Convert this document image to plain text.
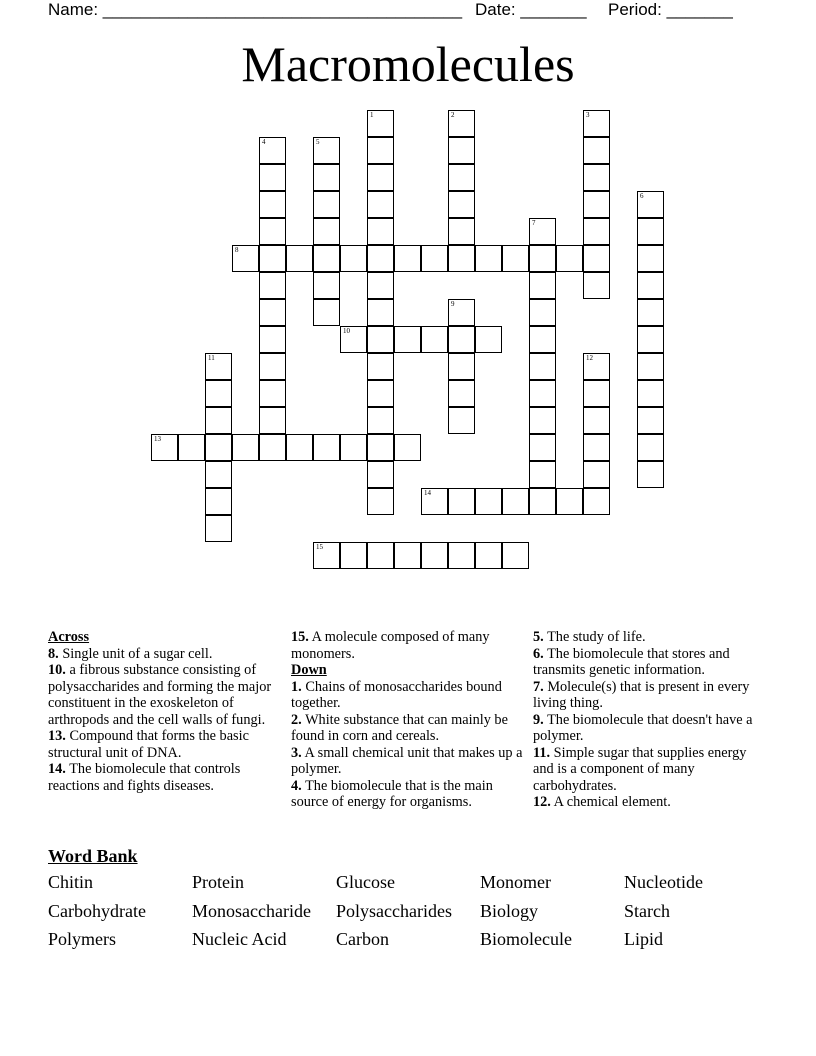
Name: ______________________________________ Date: _______ Period: _______
Macromolecules
1	2	3
4	5
6
7
8
9
10
11	12
13
14
15

Across

8. Single unit of a sugar cell.

10. a fibrous substance consisting of polysaccharides and forming the major constituent in the exoskeleton of arthropods and the cell walls of fungi.

13. Compound that forms the basic structural unit of DNA.

14. The biomolecule that controls reactions and fights diseases.

15. A molecule composed of many monomers.

Down

1. Chains of monosaccharides bound together.

2. White substance that can mainly be found in corn and cereals.

3. A small chemical unit that makes up a polymer.

4. The biomolecule that is the main source of energy for organisms.

5. The study of life.

6. The biomolecule that stores and transmits genetic information.

7. Molecule(s) that is present in every living thing.

9. The biomolecule that doesn't have a polymer.

11. Simple sugar that supplies energy and is a component of many carbohydrates.

12. A chemical element.

Word Bank
Chitin	Protein	Glucose	Monomer	Nucleotide
Carbohydrate	Monosaccharide Polysaccharides Biology	Starch
Polymers	Nucleic Acid	Carbon	Biomolecule	Lipid
